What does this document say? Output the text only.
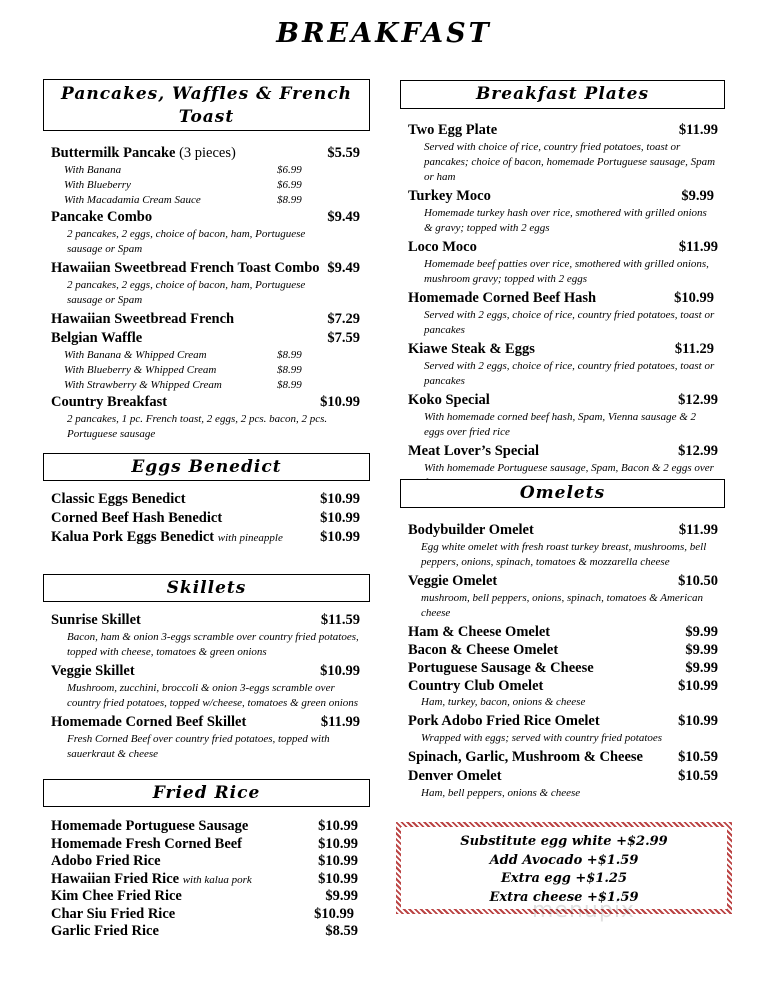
BREAKFAST
Pancakes, Waffles & French Toast
Buttermilk Pancake (3 pieces)	$5.59
With Banana	$6.99
With Blueberry	$6.99
With Macadamia Cream Sauce	$8.99
Pancake Combo	$9.49
2 pancakes, 2 eggs, choice of bacon, ham, Portuguese sausage or Spam
Hawaiian Sweetbread French Toast Combo $9.49
2 pancakes, 2 eggs, choice of bacon, ham, Portuguese sausage or Spam
Hawaiian Sweetbread French	$7.29
Belgian Waffle	$7.59
With Banana & Whipped Cream	$8.99
With Blueberry & Whipped Cream	$8.99
With Strawberry & Whipped Cream	$8.99
Country Breakfast	$10.99
2 pancakes, 1 pc. French toast, 2 eggs, 2 pcs. bacon, 2 pcs. Portuguese sausage
Eggs Benedict
Classic Eggs Benedict	$10.99
Corned Beef Hash Benedict	$10.99
Kalua Pork Eggs Benedict with pineapple	$10.99
Skillets
Sunrise Skillet	$11.59
Bacon, ham & onion 3-eggs scramble over country fried potatoes, topped with cheese, tomatoes & green onions
Veggie Skillet	$10.99
Mushroom, zucchini, broccoli & onion 3-eggs scramble over country fried potatoes, topped w/cheese, tomatoes & green onions
Homemade Corned Beef Skillet	$11.99
Fresh Corned Beef over country fried potatoes, topped with sauerkraut & cheese
Fried Rice
Homemade Portuguese Sausage	$10.99
Homemade Fresh Corned Beef	$10.99
Adobo Fried Rice	$10.99
Hawaiian Fried Rice with kalua pork	$10.99
Kim Chee Fried Rice	$9.99
Char Siu Fried Rice	$10.99
Garlic Fried Rice	$8.59
Breakfast Plates
Two Egg Plate	$11.99
Served with choice of rice, country fried potatoes, toast or pancakes; choice of bacon, homemade Portuguese sausage, Spam or ham
Turkey Moco	$9.99
Homemade turkey hash over rice, smothered with grilled onions & gravy; topped with 2 eggs
Loco Moco	$11.99
Homemade beef patties over rice, smothered with grilled onions, mushroom gravy; topped with 2 eggs
Homemade Corned Beef Hash	$10.99
Served with 2 eggs, choice of rice, country fried potatoes, toast or pancakes
Kiawe Steak & Eggs	$11.29
Served with 2 eggs, choice of rice, country fried potatoes, toast or pancakes
Koko Special	$12.99
With homemade corned beef hash, Spam, Vienna sausage & 2 eggs over fried rice
Meat Lover’s Special	$12.99
With homemade Portuguese sausage, Spam, Bacon & 2 eggs over
Omelets
Bodybuilder Omelet	$11.99
Egg white omelet with fresh roast turkey breast, mushrooms, bell peppers, onions, spinach, tomatoes & mozzarella cheese
Veggie Omelet	$10.50
mushroom, bell peppers, onions, spinach, tomatoes & American cheese
Ham & Cheese Omelet	$9.99
Bacon & Cheese Omelet	$9.99
Portuguese Sausage & Cheese	$9.99
Country Club Omelet	$10.99
Ham, turkey, bacon, onions & cheese
Pork Adobo Fried Rice Omelet	$10.99
Wrapped with eggs; served with country fried potatoes
Spinach, Garlic, Mushroom & Cheese $10.59
Denver Omelet	$10.59
Ham, bell peppers, onions & cheese
Substitute egg white +$2.99
Add Avocado +$1.59
Extra egg +$1.25
Extra cheese +$1.59
menupix
